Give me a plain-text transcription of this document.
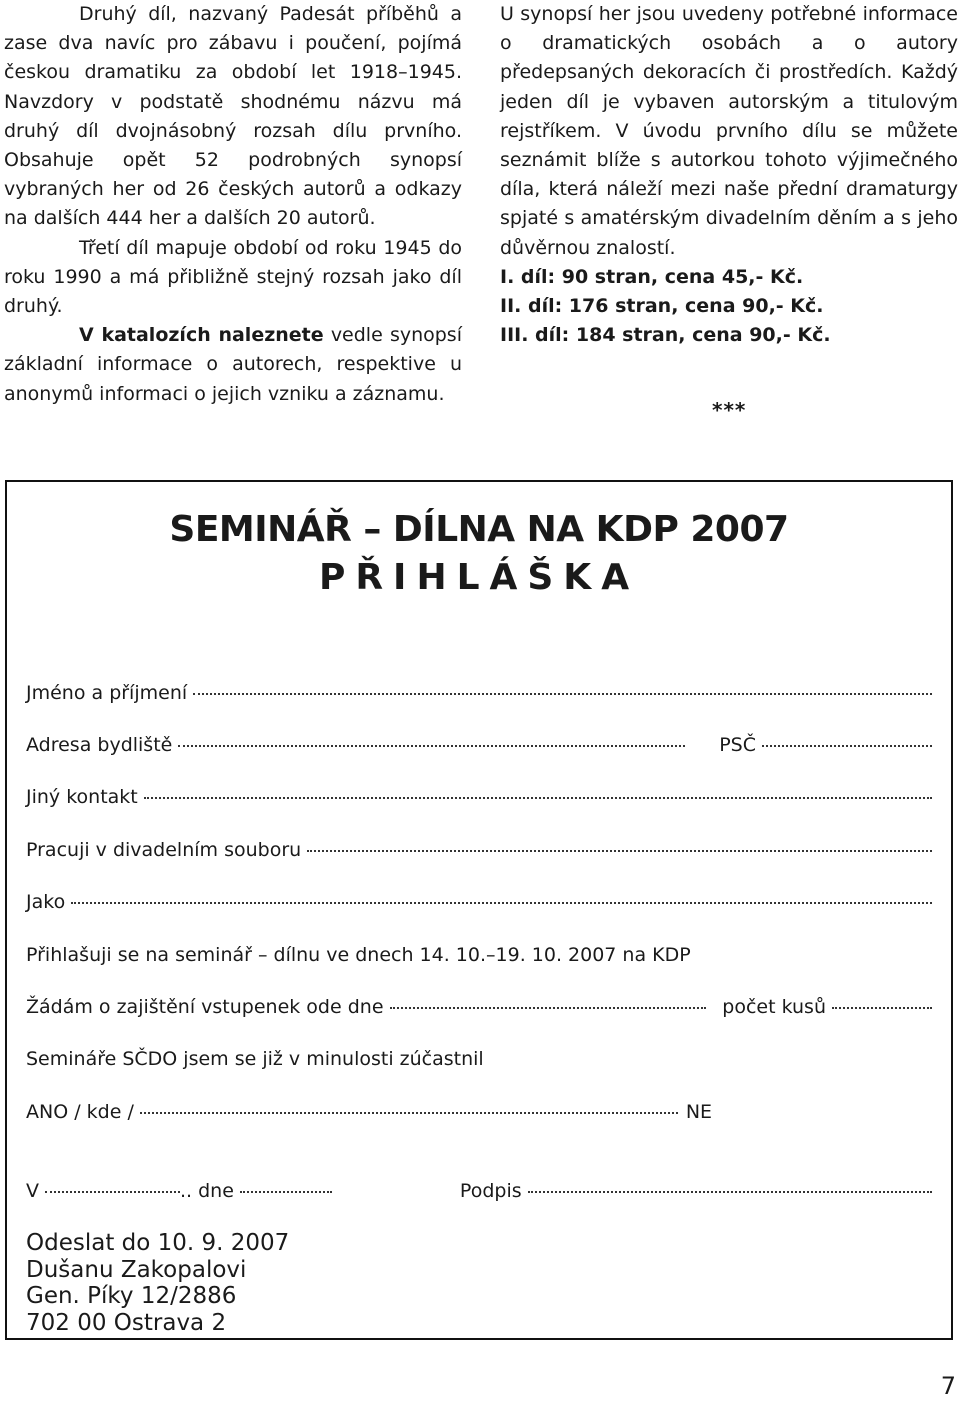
Druhý díl, nazvaný Padesát příběhů a zase dva navíc pro zábavu i poučení, pojímá českou dramatiku za období let 1918–1945. Navzdory v podstatě shodnému názvu má druhý díl dvojnásobný rozsah dílu prvního. Obsahuje opět 52 podrobných synopsí vybraných her od 26 českých autorů a odkazy na dalších 444 her a dalších 20 autorů.

Třetí díl mapuje období od roku 1945 do roku 1990 a má přibližně stejný rozsah jako díl druhý.

V katalozích naleznete vedle synopsí základní informace o autorech, respektive u anonymů informaci o jejich vzniku a záznamu.

U synopsí her jsou uvedeny potřebné informace o dramatických osobách a o autory předepsaných dekoracích či prostředích. Každý jeden díl je vybaven autorským a titulovým rejstříkem. V úvodu prvního dílu se můžete seznámit blíže s autorkou tohoto výjimečného díla, která náleží mezi naše přední dramaturgy spjaté s amatérským divadelním děním a s jeho důvěrnou znalostí.

I. díl: 90 stran, cena 45,- Kč.
II. díl: 176 stran, cena 90,- Kč.
III. díl: 184 stran, cena 90,- Kč.
***
SEMINÁŘ – DÍLNA NA KDP 2007
PŘIHLÁŠKA
Jméno a příjmení
Adresa bydliště	PSČ
Jiný kontakt
Pracuji v divadelním souboru
Jako
Přihlašuji se na seminář – dílnu ve dnech 14. 10.–19. 10. 2007 na KDP
Žádám o zajištění vstupenek ode dne	počet kusů
Semináře SČDO jsem se již v minulosti zúčastnil
ANO / kde /	NE
V	.. dne	Podpis
Odeslat do 10. 9. 2007
Dušanu Zakopalovi
Gen. Píky 12/2886
702 00 Ostrava 2
7
